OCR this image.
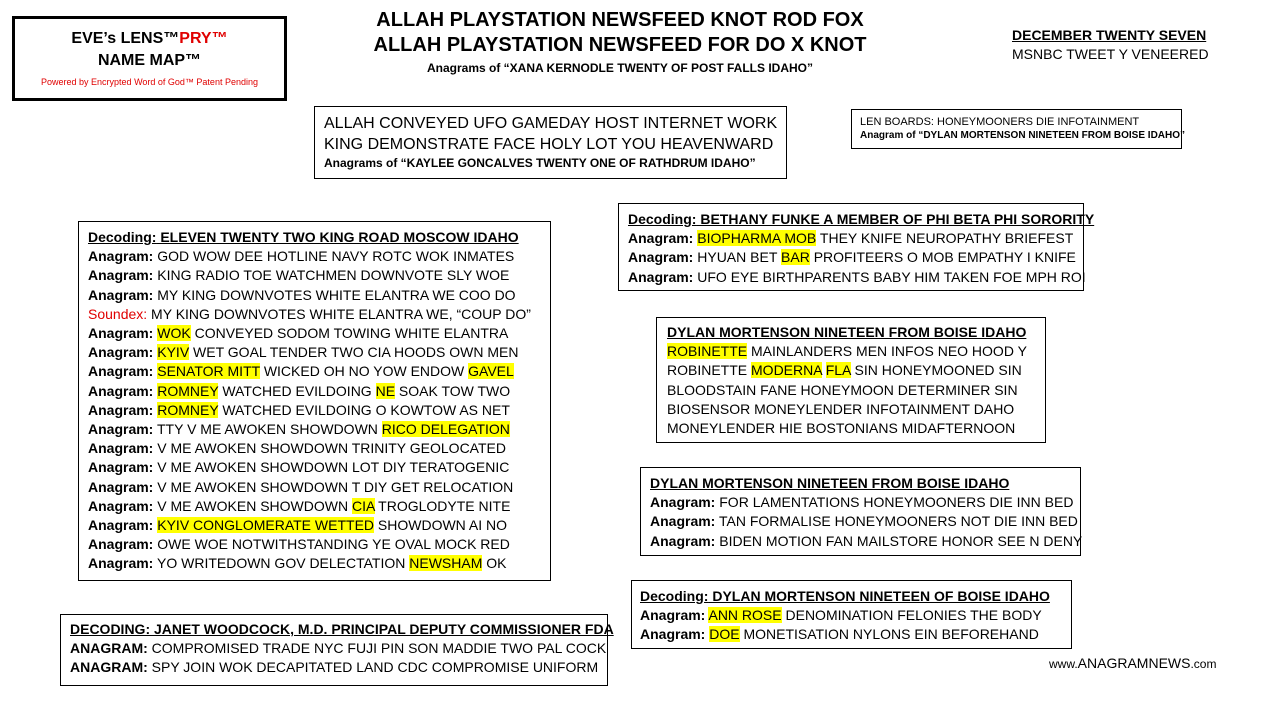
EVE’s LENS™PRY™
NAME MAP™
Powered by Encrypted Word of God™ Patent Pending
ALLAH PLAYSTATION NEWSFEED KNOT ROD FOX
ALLAH PLAYSTATION NEWSFEED FOR DO X KNOT
Anagrams of “XANA KERNODLE TWENTY OF POST FALLS IDAHO”
DECEMBER TWENTY SEVEN
MSNBC TWEET Y VENEERED
ALLAH CONVEYED UFO GAMEDAY HOST INTERNET WORK
KING DEMONSTRATE FACE HOLY LOT YOU HEAVENWARD
Anagrams of “KAYLEE GONCALVES TWENTY ONE OF RATHDRUM IDAHO”
LEN BOARDS: HONEYMOONERS DIE INFOTAINMENT
Anagram of “DYLAN MORTENSON NINETEEN FROM BOISE IDAHO”
Decoding: ELEVEN TWENTY TWO KING ROAD MOSCOW IDAHO
Anagram: GOD WOW DEE HOTLINE NAVY ROTC WOK INMATES
Anagram: KING RADIO TOE WATCHMEN DOWNVOTE SLY WOE
Anagram: MY KING DOWNVOTES WHITE ELANTRA WE COO DO
Soundex: MY KING DOWNVOTES WHITE ELANTRA WE, “COUP DO”
Anagram: WOK CONVEYED SODOM TOWING WHITE ELANTRA
Anagram: KYIV WET GOAL TENDER TWO CIA HOODS OWN MEN
Anagram: SENATOR MITT WICKED OH NO YOW ENDOW GAVEL
Anagram: ROMNEY WATCHED EVILDOING NE SOAK TOW TWO
Anagram: ROMNEY WATCHED EVILDOING O KOWTOW AS NET
Anagram: TTY V ME AWOKEN SHOWDOWN RICO DELEGATION
Anagram: V ME AWOKEN SHOWDOWN TRINITY GEOLOCATED
Anagram: V ME AWOKEN SHOWDOWN LOT DIY TERATOGENIC
Anagram: V ME AWOKEN SHOWDOWN T DIY GET RELOCATION
Anagram: V ME AWOKEN SHOWDOWN CIA TROGLODYTE NITE
Anagram: KYIV CONGLOMERATE WETTED SHOWDOWN AI NO
Anagram: OWE WOE NOTWITHSTANDING YE OVAL MOCK RED
Anagram: YO WRITEDOWN GOV DELECTATION NEWSHAM OK
Decoding: BETHANY FUNKE A MEMBER OF PHI BETA PHI SORORITY
Anagram: BIOPHARMA MOB THEY KNIFE NEUROPATHY BRIEFEST
Anagram: HYUAN BET BAR PROFITEERS O MOB EMPATHY I KNIFE
Anagram: UFO EYE BIRTHPARENTS BABY HIM TAKEN FOE MPH ROI
DYLAN MORTENSON NINETEEN FROM BOISE IDAHO
ROBINETTE MAINLANDERS MEN INFOS NEO HOOD Y
ROBINETTE MODERNA FLA SIN HONEYMOONED SIN
BLOODSTAIN FANE HONEYMOON DETERMINER SIN
BIOSENSOR MONEYLENDER INFOTAINMENT DAHO
MONEYLENDER HIE BOSTONIANS MIDAFTERNOON
DYLAN MORTENSON NINETEEN FROM BOISE IDAHO
Anagram: FOR LAMENTATIONS HONEYMOONERS DIE INN BED
Anagram: TAN FORMALISE HONEYMOONERS NOT DIE INN BED
Anagram: BIDEN MOTION FAN MAILSTORE HONOR SEE N DENY
Decoding: DYLAN MORTENSON NINETEEN OF BOISE IDAHO
Anagram: ANN ROSE DENOMINATION FELONIES THE BODY
Anagram: DOE MONETISATION NYLONS EIN BEFOREHAND
DECODING: JANET WOODCOCK, M.D. PRINCIPAL DEPUTY COMMISSIONER FDA
ANAGRAM: COMPROMISED TRADE NYC FUJI PIN SON MADDIE TWO PAL COCK
ANAGRAM: SPY JOIN WOK DECAPITATED LAND CDC COMPROMISE UNIFORM	www.ANAGRAMNEWS.com
